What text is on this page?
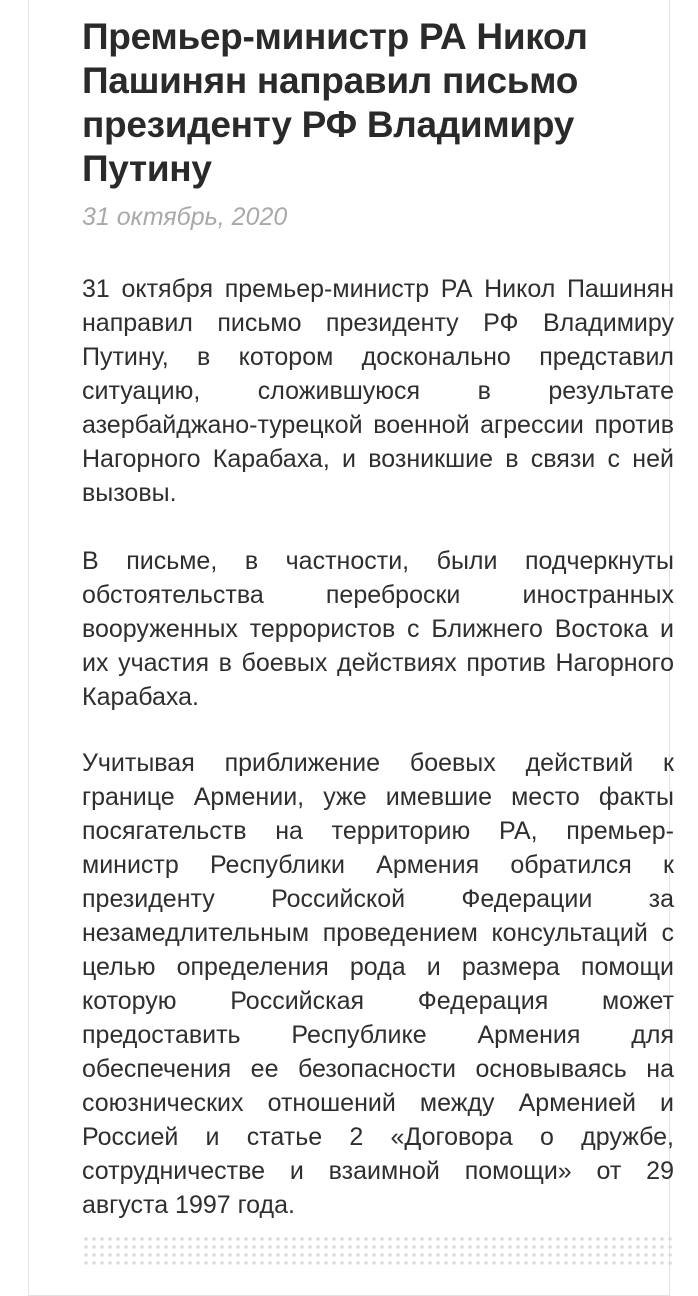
Премьер-министр РА Никол Пашинян направил письмо президенту РФ Владимиру Путину
31 октябрь, 2020

31 октября премьер-министр РА Никол Пашинян направил письмо президенту РФ Владимиру Путину, в котором досконально представил ситуацию, сложившуюся в результате азербайджано-турецкой военной агрессии против Нагорного Карабаха, и возникшие в связи с ней вызовы.

В письме, в частности, были подчеркнуты обстоятельства переброски иностранных вооруженных террористов с Ближнего Востока и их участия в боевых действиях против Нагорного Карабаха.

Учитывая приближение боевых действий к границе Армении, уже имевшие место факты посягательств на территорию РА, премьер-министр Республики Армения обратился к президенту Российской Федерации за незамедлительным проведением консультаций с целью определения рода и размера помощи которую Российская Федерация может предоставить Республике Армения для обеспечения ее безопасности основываясь на союзнических отношений между Арменией и Россией и статье 2 «Договора о дружбе, сотрудничестве и взаимной помощи» от 29 августа 1997 года.
